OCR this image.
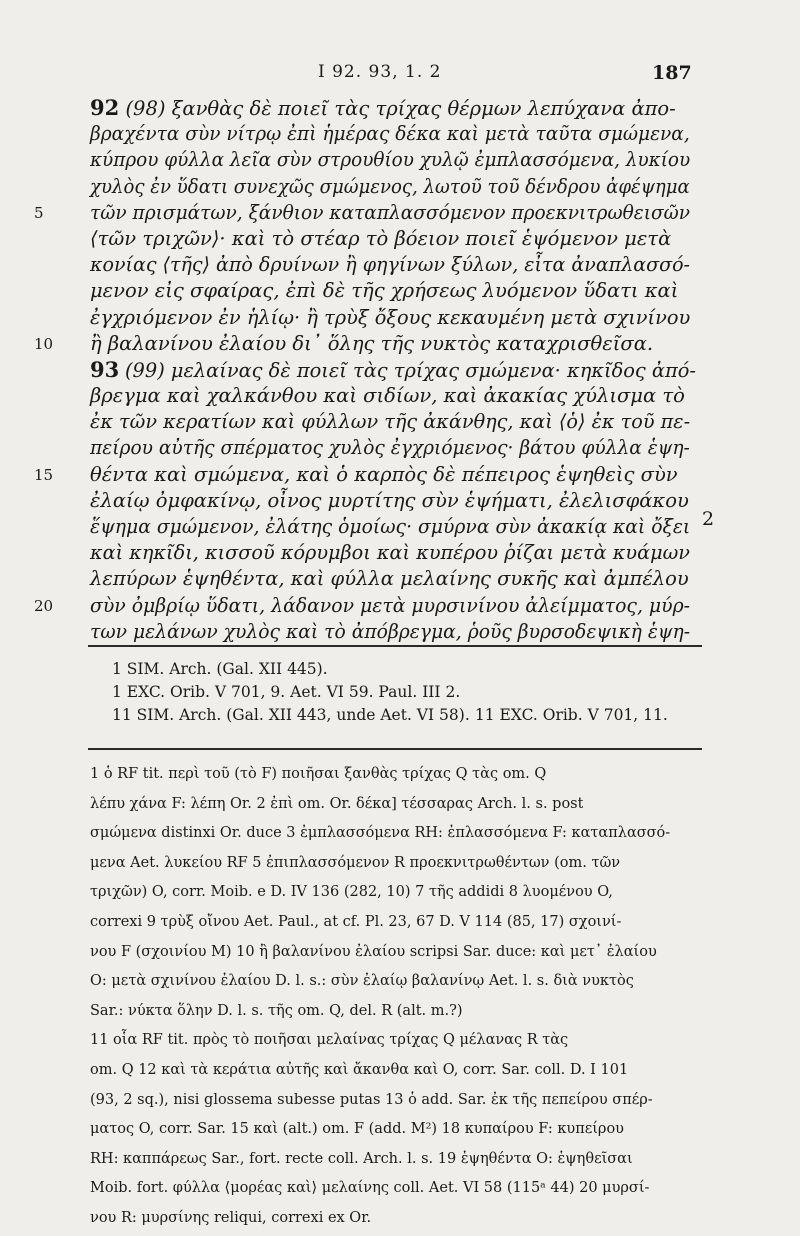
I 92. 93, 1. 2	187
92 (98) ξανθὰς δὲ ποιεῖ τὰς τρίχας θέρμων λεπύχανα ἀπο-
βραχέντα σὺν νίτρῳ ἐπὶ ἡμέρας δέκα καὶ μετὰ ταῦτα σμώμενα,
κύπρου φύλλα λεῖα σὺν στρουθίου χυλῷ ἐμπλασσόμενα, λυκίου
χυλὸς ἐν ὕδατι συνεχῶς σμώμενος, λωτοῦ τοῦ δένδρου ἀφέψημα
5 τῶν πρισμάτων, ξάνθιον καταπλασσόμενον προεκνιτρωθεισῶν
⟨τῶν τριχῶν⟩· καὶ τὸ στέαρ τὸ βόειον ποιεῖ ἑψόμενον μετὰ
κονίας ⟨τῆς⟩ ἀπὸ δρυίνων ἢ φηγίνων ξύλων, εἶτα ἀναπλασσό-
μενον εἰς σφαίρας, ἐπὶ δὲ τῆς χρήσεως λυόμενον ὕδατι καὶ
ἐγχριόμενον ἐν ἡλίῳ· ἢ τρὺξ ὄξους κεκαυμένη μετὰ σχινίνου
10 ἢ βαλανίνου ἐλαίου δι᾿ ὅλης τῆς νυκτὸς καταχρισθεῖσα.
93 (99) μελαίνας δὲ ποιεῖ τὰς τρίχας σμώμενα· κηκῖδος ἀπό-
βρεγμα καὶ χαλκάνθου καὶ σιδίων, καὶ ἀκακίας χύλισμα τὸ
ἐκ τῶν κερατίων καὶ φύλλων τῆς ἀκάνθης, καὶ ⟨ὁ⟩ ἐκ τοῦ πε-
πείρου αὐτῆς σπέρματος χυλὸς ἐγχριόμενος· βάτου φύλλα ἑψη-
15 θέντα καὶ σμώμενα, καὶ ὁ καρπὸς δὲ πέπειρος ἑψηθεὶς σὺν
ἐλαίῳ ὀμφακίνῳ, οἶνος μυρτίτης σὺν ἑψήματι, ἐλελισφάκου
ἕψημα σμώμενον, ἐλάτης ὁμοίως· σμύρνα σὺν ἀκακίᾳ καὶ ὄξει
καὶ κηκῖδι, κισσοῦ κόρυμβοι καὶ κυπέρου ῥίζαι μετὰ κυάμων
λεπύρων ἑψηθέντα, καὶ φύλλα μελαίνης συκῆς καὶ ἀμπέλου
20 σὺν ὀμβρίῳ ὕδατι, λάδανον μετὰ μυρσινίνου ἀλείμματος, μύρ-
των μελάνων χυλὸς καὶ τὸ ἀπόβρεγμα, ῥοῦς βυρσοδεψικὴ ἑψη-
2
1 SIM. Arch. (Gal. XII 445). 1 EXC. Orib. V 701, 9. Aet. VI 59. Paul. III 2. 11 SIM. Arch. (Gal. XII 443, unde Aet. VI 58). 11 EXC. Orib. V 701, 11.
1 ὁ RF tit. περὶ τοῦ (τὸ F) ποιῆσαι ξανθὰς τρίχας Q τὰς om. Q λέπυ χάνα F: λέπη Or. 2 ἐπὶ om. Or. δέκα] τέσσαρας Arch. l. s. post σμώμενα distinxi Or. duce 3 ἐμπλασσόμενα RH: ἐπλασσόμενα F: καταπλασσό- μενα Aet. λυκείου RF 5 ἐπιπλασσόμενον R προεκνιτρωθέντων (om. τῶν τριχῶν) O, corr. Moib. e D. IV 136 (282, 10) 7 τῆς addidi 8 λυομένου O, correxi 9 τρὺξ οἴνου Aet. Paul., at cf. Pl. 23, 67 D. V 114 (85, 17) σχοινί- νου F (σχοινίου M) 10 ἢ βαλανίνου ἐλαίου scripsi Sar. duce: καὶ μετ᾿ ἐλαίου O: μετὰ σχινίνου ἐλαίου D. l. s.: σὺν ἐλαίῳ βαλανίνῳ Aet. l. s. διὰ νυκτὸς Sar.: νύκτα ὅλην D. l. s. τῆς om. Q, del. R (alt. m.?) 11 οἷα RF tit. πρὸς τὸ ποιῆσαι μελαίνας τρίχας Q μέλανας R τὰς om. Q 12 καὶ τὰ κεράτια αὐτῆς καὶ ἄκανθα καὶ O, corr. Sar. coll. D. I 101 (93, 2 sq.), nisi glossema subesse putas 13 ὁ add. Sar. ἐκ τῆς πεπείρου σπέρ- ματος O, corr. Sar. 15 καὶ (alt.) om. F (add. M²) 18 κυπαίρου F: κυπείρου RH: καππάρεως Sar., fort. recte coll. Arch. l. s. 19 ἑψηθέντα O: ἑψηθεῖσαι Moib. fort. φύλλα ⟨μορέας καὶ⟩ μελαίνης coll. Aet. VI 58 (115ᵃ 44) 20 μυρσί- νου R: μυρσίνης reliqui, correxi ex Or.
